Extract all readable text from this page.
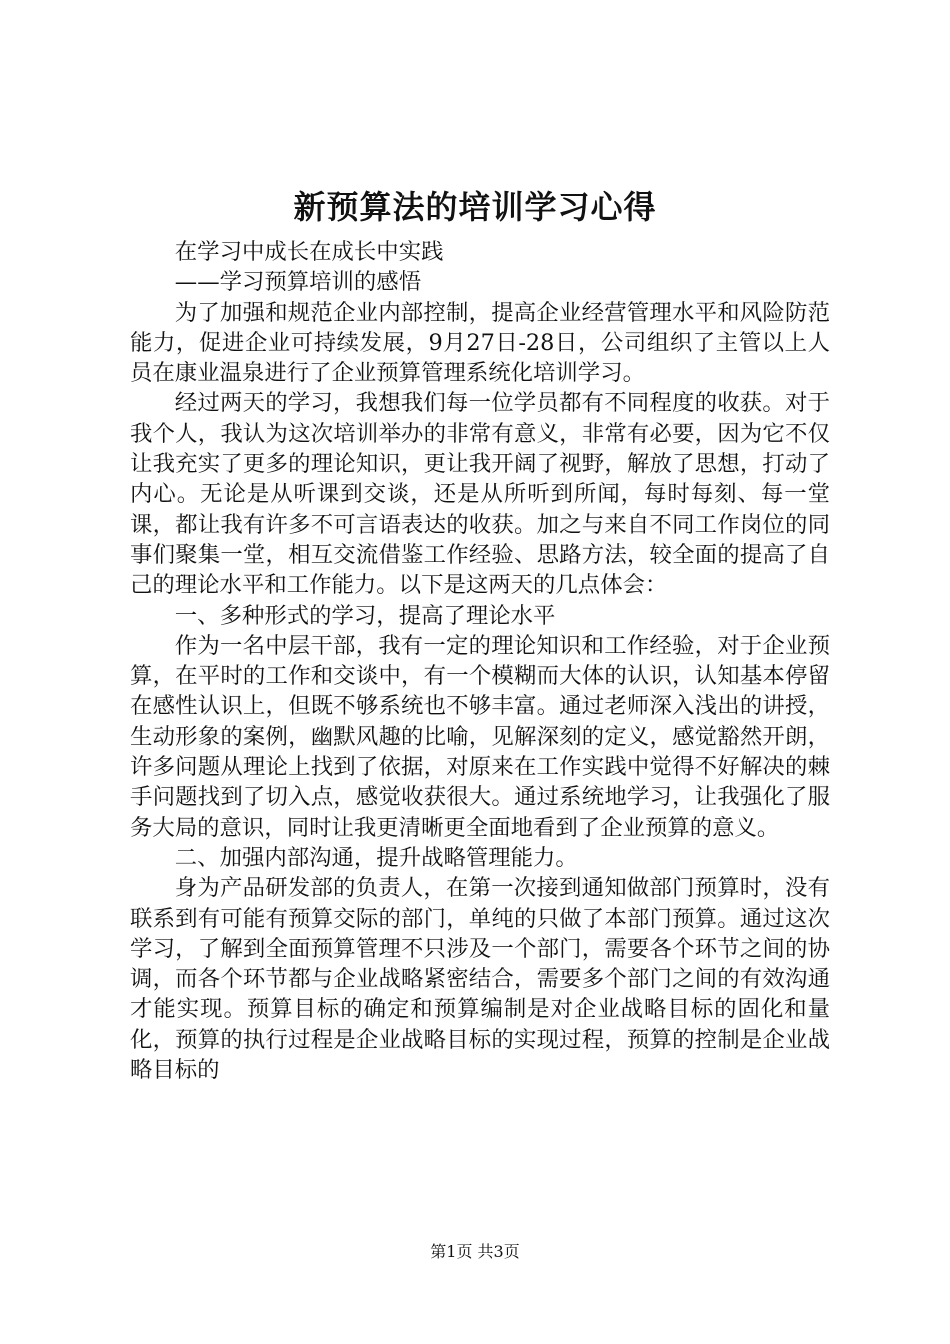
新预算法的培训学习心得

在学习中成长在成长中实践

——学习预算培训的感悟

为了加强和规范企业内部控制，提高企业经营管理水平和风险防范能力，促进企业可持续发展，9月27日-28日，公司组织了主管以上人员在康业温泉进行了企业预算管理系统化培训学习。

经过两天的学习，我想我们每一位学员都有不同程度的收获。对于我个人，我认为这次培训举办的非常有意义，非常有必要，因为它不仅让我充实了更多的理论知识，更让我开阔了视野，解放了思想，打动了内心。无论是从听课到交谈，还是从所听到所闻，每时每刻、每一堂课，都让我有许多不可言语表达的收获。加之与来自不同工作岗位的同事们聚集一堂，相互交流借鉴工作经验、思路方法，较全面的提高了自己的理论水平和工作能力。以下是这两天的几点体会：

一、多种形式的学习，提高了理论水平

作为一名中层干部，我有一定的理论知识和工作经验，对于企业预算，在平时的工作和交谈中，有一个模糊而大体的认识，认知基本停留在感性认识上，但既不够系统也不够丰富。通过老师深入浅出的讲授，生动形象的案例，幽默风趣的比喻，见解深刻的定义，感觉豁然开朗，许多问题从理论上找到了依据，对原来在工作实践中觉得不好解决的棘手问题找到了切入点，感觉收获很大。通过系统地学习，让我强化了服务大局的意识，同时让我更清晰更全面地看到了企业预算的意义。

二、加强内部沟通，提升战略管理能力。

身为产品研发部的负责人，在第一次接到通知做部门预算时，没有联系到有可能有预算交际的部门，单纯的只做了本部门预算。通过这次学习，了解到全面预算管理不只涉及一个部门，需要各个环节之间的协调，而各个环节都与企业战略紧密结合，需要多个部门之间的有效沟通才能实现。预算目标的确定和预算编制是对企业战略目标的固化和量化，预算的执行过程是企业战略目标的实现过程，预算的控制是企业战略目标的

第1页 共3页
